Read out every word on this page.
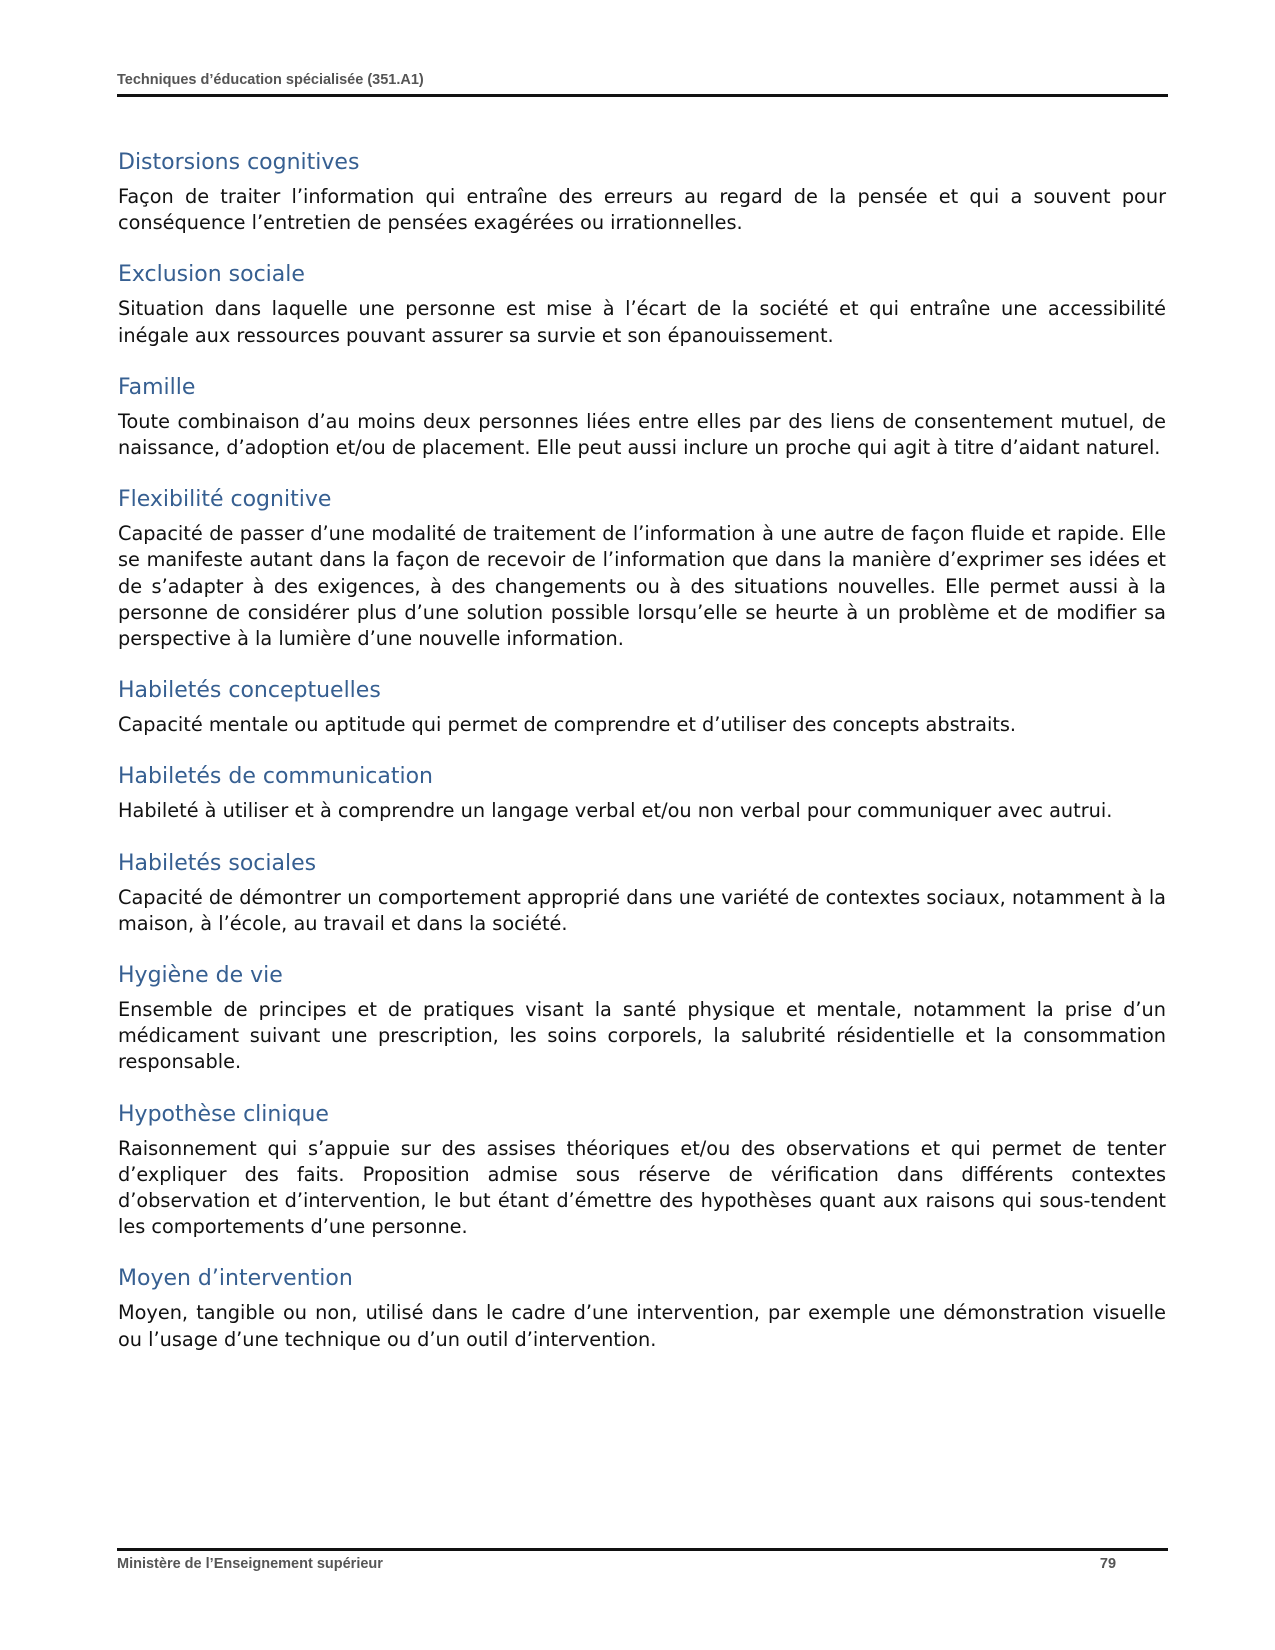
Techniques d’éducation spécialisée (351.A1)
Distorsions cognitives

Façon de traiter l’information qui entraîne des erreurs au regard de la pensée et qui a souvent pour conséquence l’entretien de pensées exagérées ou irrationnelles.

Exclusion sociale

Situation dans laquelle une personne est mise à l’écart de la société et qui entraîne une accessibilité inégale aux ressources pouvant assurer sa survie et son épanouissement.

Famille

Toute combinaison d’au moins deux personnes liées entre elles par des liens de consentement mutuel, de naissance, d’adoption et/ou de placement. Elle peut aussi inclure un proche qui agit à titre d’aidant naturel.

Flexibilité cognitive

Capacité de passer d’une modalité de traitement de l’information à une autre de façon fluide et rapide. Elle se manifeste autant dans la façon de recevoir de l’information que dans la manière d’exprimer ses idées et de s’adapter à des exigences, à des changements ou à des situations nouvelles. Elle permet aussi à la personne de considérer plus d’une solution possible lorsqu’elle se heurte à un problème et de modifier sa perspective à la lumière d’une nouvelle information.

Habiletés conceptuelles

Capacité mentale ou aptitude qui permet de comprendre et d’utiliser des concepts abstraits.

Habiletés de communication

Habileté à utiliser et à comprendre un langage verbal et/ou non verbal pour communiquer avec autrui.

Habiletés sociales

Capacité de démontrer un comportement approprié dans une variété de contextes sociaux, notamment à la maison, à l’école, au travail et dans la société.

Hygiène de vie

Ensemble de principes et de pratiques visant la santé physique et mentale, notamment la prise d’un médicament suivant une prescription, les soins corporels, la salubrité résidentielle et la consommation responsable.

Hypothèse clinique

Raisonnement qui s’appuie sur des assises théoriques et/ou des observations et qui permet de tenter d’expliquer des faits. Proposition admise sous réserve de vérification dans différents contextes d’observation et d’intervention, le but étant d’émettre des hypothèses quant aux raisons qui sous-tendent les comportements d’une personne.

Moyen d’intervention

Moyen, tangible ou non, utilisé dans le cadre d’une intervention, par exemple une démonstration visuelle ou l’usage d’une technique ou d’un outil d’intervention.

Ministère de l’Enseignement supérieur	79
